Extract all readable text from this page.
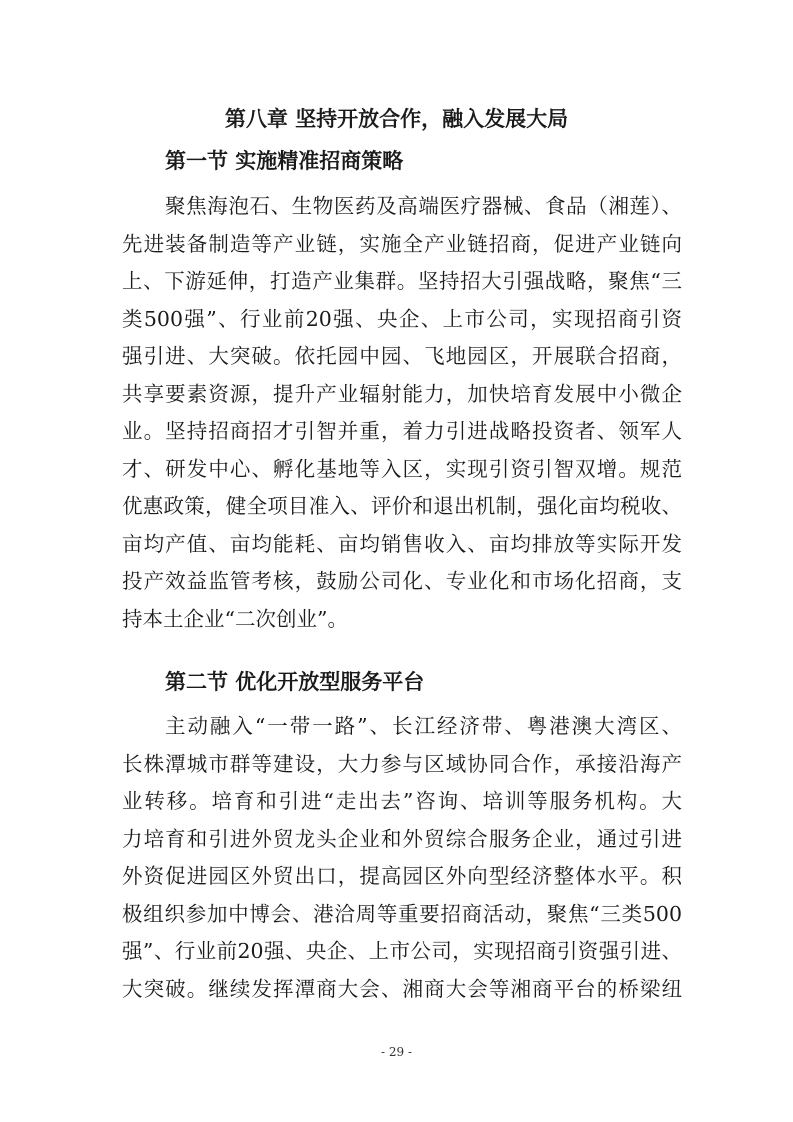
第八章 坚持开放合作，融入发展大局
第一节 实施精准招商策略
聚焦海泡石、生物医药及高端医疗器械、食品（湘莲）、
先进装备制造等产业链，实施全产业链招商，促进产业链向
上、下游延伸，打造产业集群。坚持招大引强战略，聚焦“三
类500强”、行业前20强、央企、上市公司，实现招商引资
强引进、大突破。依托园中园、飞地园区，开展联合招商，
共享要素资源，提升产业辐射能力，加快培育发展中小微企
业。坚持招商招才引智并重，着力引进战略投资者、领军人
才、研发中心、孵化基地等入区，实现引资引智双增。规范
优惠政策，健全项目准入、评价和退出机制，强化亩均税收、
亩均产值、亩均能耗、亩均销售收入、亩均排放等实际开发
投产效益监管考核，鼓励公司化、专业化和市场化招商，支
持本土企业“二次创业”。
第二节 优化开放型服务平台
主动融入“一带一路”、长江经济带、粤港澳大湾区、
长株潭城市群等建设，大力参与区域协同合作，承接沿海产
业转移。培育和引进“走出去”咨询、培训等服务机构。大
力培育和引进外贸龙头企业和外贸综合服务企业，通过引进
外资促进园区外贸出口，提高园区外向型经济整体水平。积
极组织参加中博会、港洽周等重要招商活动，聚焦“三类500
强”、行业前20强、央企、上市公司，实现招商引资强引进、
大突破。继续发挥潭商大会、湘商大会等湘商平台的桥梁纽
- 29 -
